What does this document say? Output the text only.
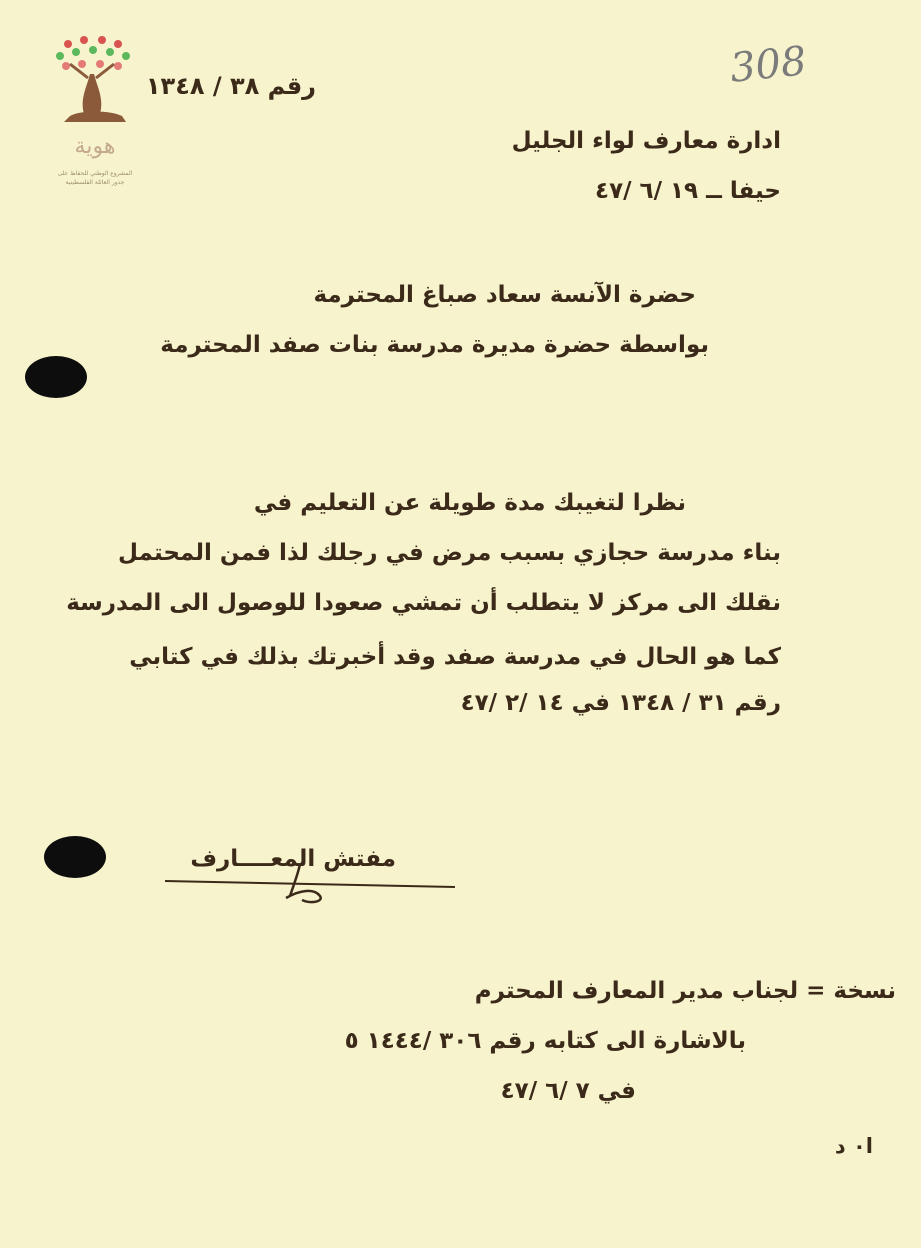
هوية
المشروع الوطني للحفاظ على
جذور العائلة الفلسطينية
308
رقم ٣٨ / ١٣٤٨
ادارة معارف لواء الجليل
حيفا ــ ١٩ /٦ /٤٧
حضرة الآنسة سعاد صباغ المحترمة
بواسطة حضرة مديرة مدرسة بنات صفد المحترمة
نظرا لتغيبك مدة طويلة عن التعليم في
بناء مدرسة حجازي بسبب مرض في رجلك لذا فمن المحتمل
نقلك الى مركز لا يتطلب أن تمشي صعودا للوصول الى المدرسة
كما هو الحال في مدرسة صفد وقد أخبرتك بذلك في كتابي
رقم ٣١ / ١٣٤٨ في ١٤ /٢ /٤٧
مفتش المعــــارف
نسخة = لجناب مدير المعارف المحترم
بالاشارة الى كتابه رقم ٣٠٦ /١٤٤٤ ٥
في ٧ /٦ /٤٧
ا٠ د
